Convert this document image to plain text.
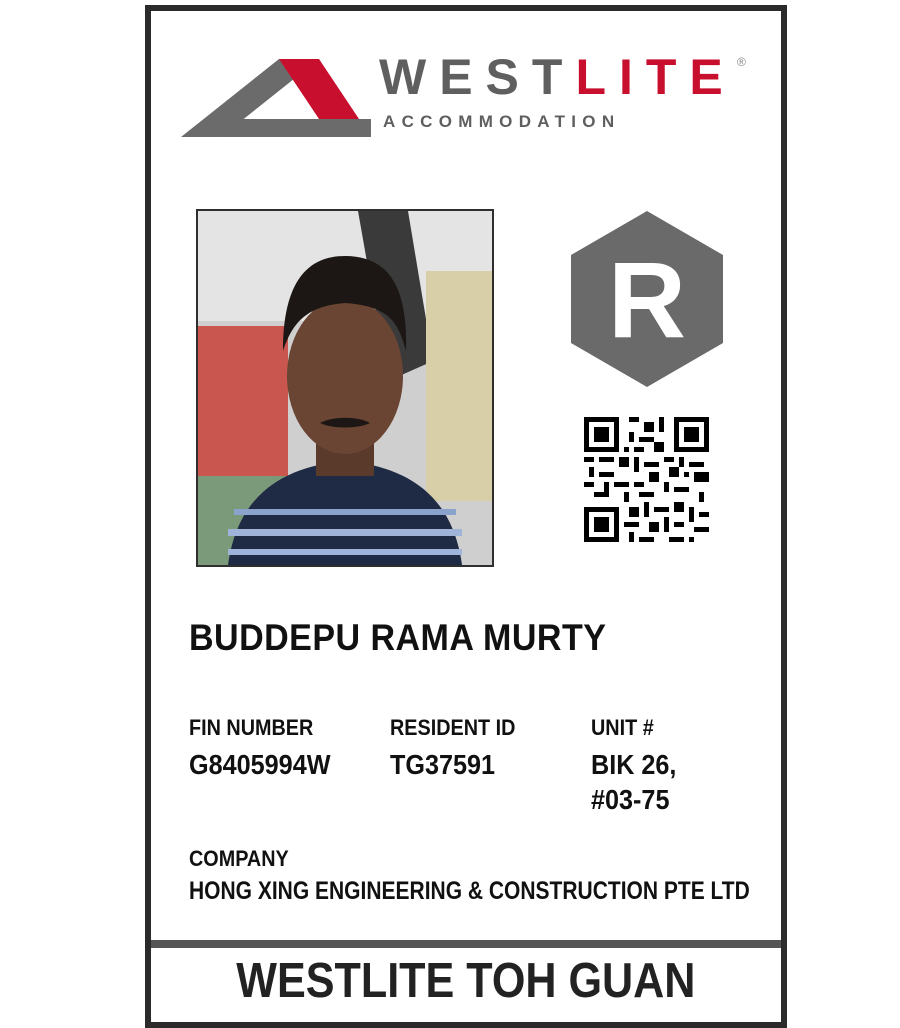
WESTLITE ®
ACCOMMODATION
R
BUDDEPU RAMA MURTY
FIN NUMBER
G8405994W
RESIDENT ID
TG37591
UNIT #
BIK 26,
#03-75
COMPANY
HONG XING ENGINEERING & CONSTRUCTION PTE LTD
WESTLITE TOH GUAN
